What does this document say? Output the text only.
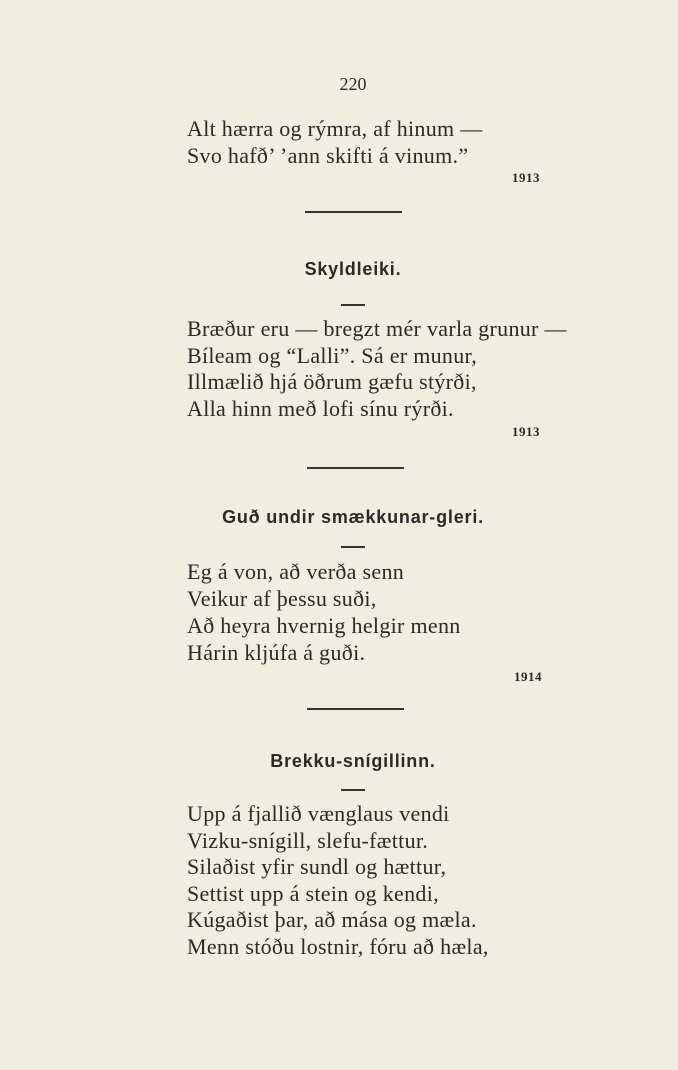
220
Alt hærra og rýmra, af hinum —
Svo hafð’ ’ann skifti á vinum.”
1913
Skyldleiki.
Bræður eru — bregzt mér varla grunur —
Bíleam og “Lalli”. Sá er munur,
Illmælið hjá öðrum gæfu stýrði,
Alla hinn með lofi sínu rýrði.
1913
Guð undir smækkunar-gleri.
Eg á von, að verða senn
Veikur af þessu suði,
Að heyra hvernig helgir menn
Hárin kljúfa á guði.
1914
Brekku-snígillinn.
Upp á fjallið vænglaus vendi
Vizku-snígill, slefu-fættur.
Silaðist yfir sundl og hættur,
Settist upp á stein og kendi,
Kúgaðist þar, að mása og mæla.
Menn stóðu lostnir, fóru að hæla,
